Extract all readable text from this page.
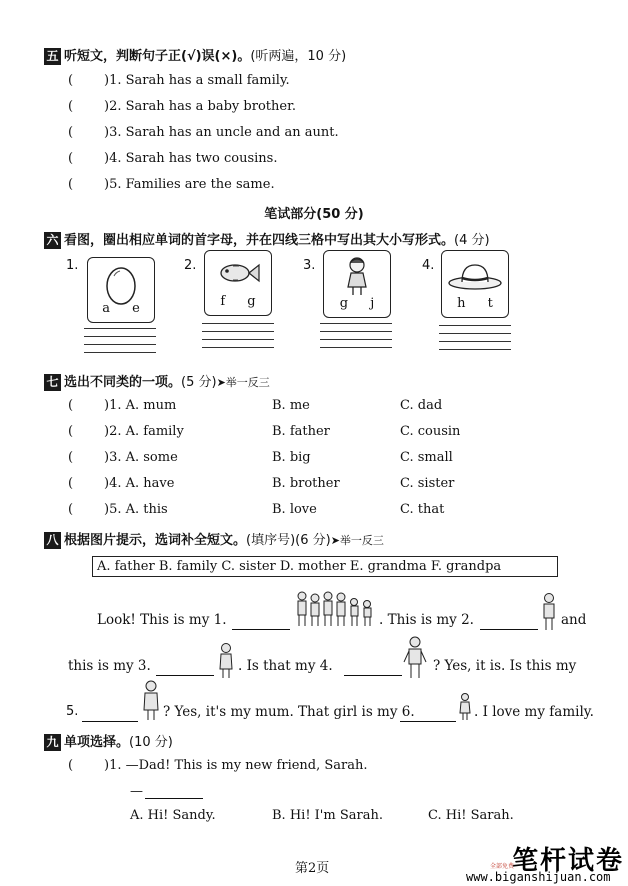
五 听短文，判断句子正(√)误(×)。(听两遍，10 分)
( )1. Sarah has a small family.
( )2. Sarah has a baby brother.
( )3. Sarah has an uncle and an aunt.
( )4. Sarah has two cousins.
( )5. Families are the same.
笔试部分(50 分)
六 看图，圈出相应单词的首字母，并在四线三格中写出其大小写形式。(4 分)
1.
a e
2.
f g
3.
g j
4.
h t
七 选出不同类的一项。(5 分)➤举一反三
( )1. A. mum	B. me	C. dad
( )2. A. family	B. father	C. cousin
( )3. A. some	B. big	C. small
( )4. A. have	B. brother	C. sister
( )5. A. this	B. love	C. that
八 根据图片提示，选词补全短文。(填序号)(6 分)➤举一反三
A. father B. family C. sister D. mother E. grandma F. grandpa
Look! This is my 1.	. This is my 2.	and
this is my 3.	. Is that my 4.	? Yes, it is. Is this my
5.	? Yes, it's my mum. That girl is my 6.	. I love my family.
九 单项选择。(10 分)
( )1. —Dad! This is my new friend, Sarah.
—
A. Hi! Sandy.	B. Hi! I'm Sarah.	C. Hi! Sarah.
第2页	笔杆试卷
全部免费
www.biganshijuan.com
